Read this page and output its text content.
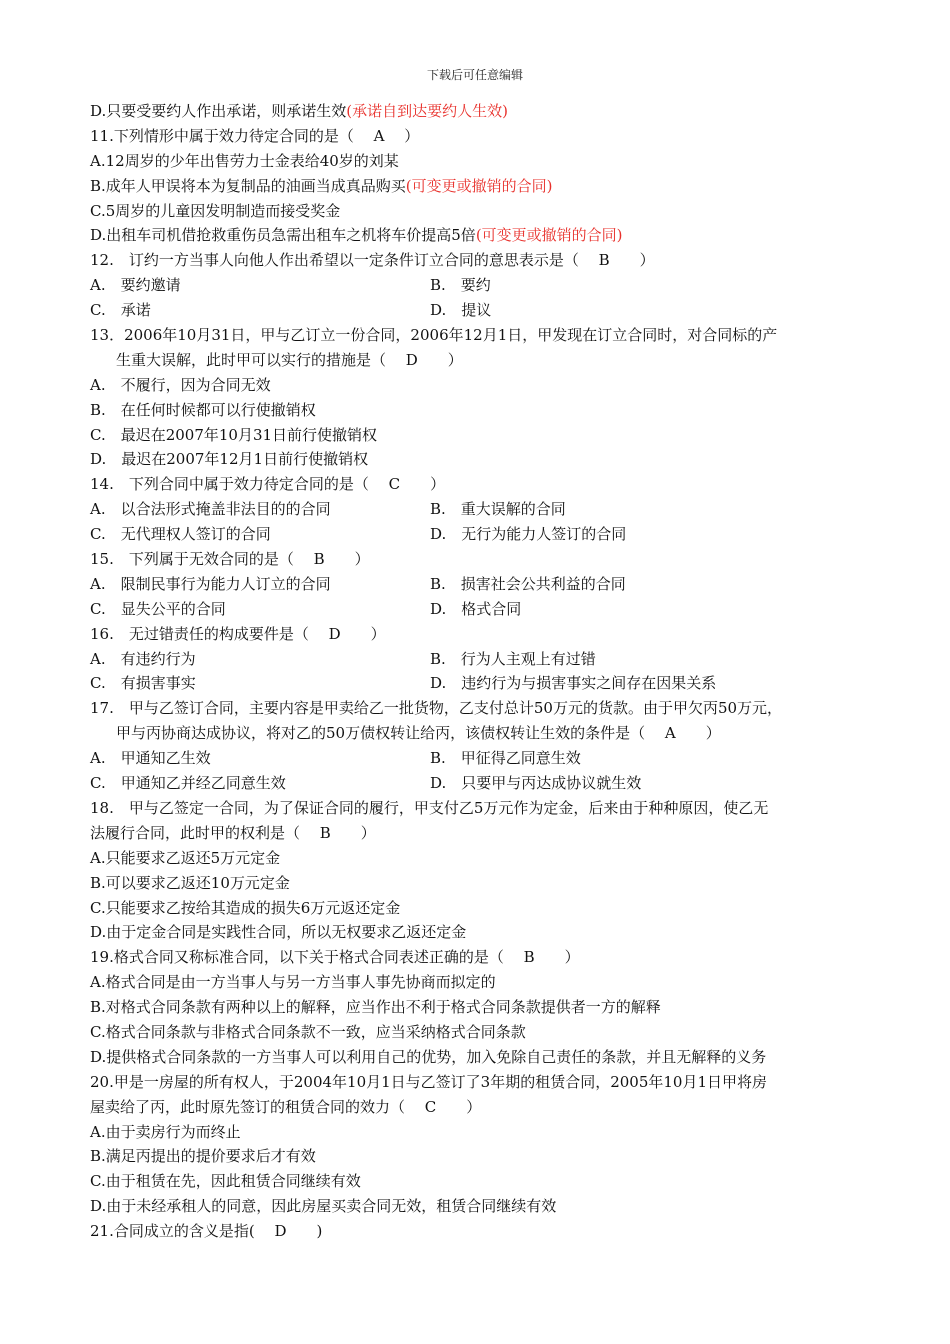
下载后可任意编辑
D.只要受要约人作出承诺，则承诺生效(承诺自到达要约人生效)
11.下列情形中属于效力待定合同的是（　 A　 ）
A.12周岁的少年出售劳力士金表给40岁的刘某
B.成年人甲误将本为复制品的油画当成真品购买(可变更或撤销的合同)
C.5周岁的儿童因发明制造而接受奖金
D.出租车司机借抢救重伤员急需出租车之机将车价提高5倍(可变更或撤销的合同)
12.　订约一方当事人向他人作出希望以一定条件订立合同的意思表示是（　 B　　）
A.　要约邀请	B.　要约
C.　承诺	D.　提议
13．2006年10月31日，甲与乙订立一份合同，2006年12月1日，甲发现在订立合同时，对合同标的产
生重大误解，此时甲可以实行的措施是（　 D　　）
A.　不履行，因为合同无效
B.　在任何时候都可以行使撤销权
C.　最迟在2007年10月31日前行使撤销权
D.　最迟在2007年12月1日前行使撤销权
14.　下列合同中属于效力待定合同的是（　 C　　）
A.　以合法形式掩盖非法目的的合同	B.　重大误解的合同
C.　无代理权人签订的合同	D.　无行为能力人签订的合同
15.　下列属于无效合同的是（　 B　　）
A.　限制民事行为能力人订立的合同	B.　损害社会公共利益的合同
C.　显失公平的合同	D.　格式合同
16.　无过错责任的构成要件是（　 D　　）
A.　有违约行为	B.　行为人主观上有过错
C.　有损害事实	D.　违约行为与损害事实之间存在因果关系
17.　甲与乙签订合同，主要内容是甲卖给乙一批货物，乙支付总计50万元的货款。由于甲欠丙50万元，
甲与丙协商达成协议，将对乙的50万债权转让给丙，该债权转让生效的条件是（　 A　　）
A.　甲通知乙生效	B.　甲征得乙同意生效
C.　甲通知乙并经乙同意生效	D.　只要甲与丙达成协议就生效
18.　甲与乙签定一合同，为了保证合同的履行，甲支付乙5万元作为定金，后来由于种种原因，使乙无
法履行合同，此时甲的权利是（　 B　　）
A.只能要求乙返还5万元定金
B.可以要求乙返还10万元定金
C.只能要求乙按给其造成的损失6万元返还定金
D.由于定金合同是实践性合同，所以无权要求乙返还定金
19.格式合同又称标准合同，以下关于格式合同表述正确的是（　 B　　）
A.格式合同是由一方当事人与另一方当事人事先协商而拟定的
B.对格式合同条款有两种以上的解释，应当作出不利于格式合同条款提供者一方的解释
C.格式合同条款与非格式合同条款不一致，应当采纳格式合同条款
D.提供格式合同条款的一方当事人可以利用自己的优势，加入免除自己责任的条款，并且无解释的义务
20.甲是一房屋的所有权人，于2004年10月1日与乙签订了3年期的租赁合同，2005年10月1日甲将房
屋卖给了丙，此时原先签订的租赁合同的效力（　 C　　）
A.由于卖房行为而终止
B.满足丙提出的提价要求后才有效
C.由于租赁在先，因此租赁合同继续有效
D.由于未经承租人的同意，因此房屋买卖合同无效，租赁合同继续有效
21.合同成立的含义是指(　 D　　)
